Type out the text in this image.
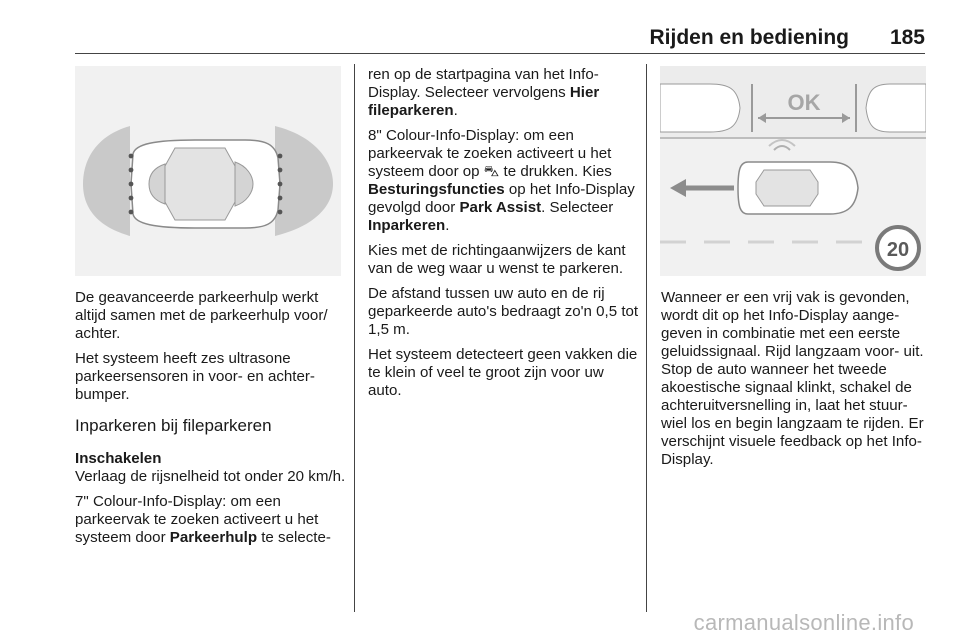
Rijden en bediening 185

De geavanceerde parkeerhulp werkt altijd samen met de parkeerhulp voor/ achter.

Het systeem heeft zes ultrasone parkeersensoren in voor- en achter- bumper.

Inparkeren bij fileparkeren
Inschakelen

Verlaag de rijsnelheid tot onder 20 km/h.

7" Colour-Info-Display: om een parkeervak te zoeken activeert u het systeem door Parkeerhulp te selecte-

ren op de startpagina van het Info-Display. Selecteer vervolgens Hier fileparkeren.

8" Colour-Info-Display: om een parkeervak te zoeken activeert u het systeem door op ⛍ te drukken. Kies Besturingsfuncties op het Info-Display gevolgd door Park Assist. Selecteer Inparkeren.

Kies met de richtingaanwijzers de kant van de weg waar u wenst te parkeren.

De afstand tussen uw auto en de rij geparkeerde auto's bedraagt zo'n 0,5 tot 1,5 m.

Het systeem detecteert geen vakken die te klein of veel te groot zijn voor uw auto.

OK
20

Wanneer er een vrij vak is gevonden, wordt dit op het Info-Display aange- geven in combinatie met een eerste geluidssignaal. Rijd langzaam voor- uit. Stop de auto wanneer het tweede akoestische signaal klinkt, schakel de achteruitversnelling in, laat het stuur- wiel los en begin langzaam te rijden. Er verschijnt visuele feedback op het Info-Display.

carmanualsonline.info
